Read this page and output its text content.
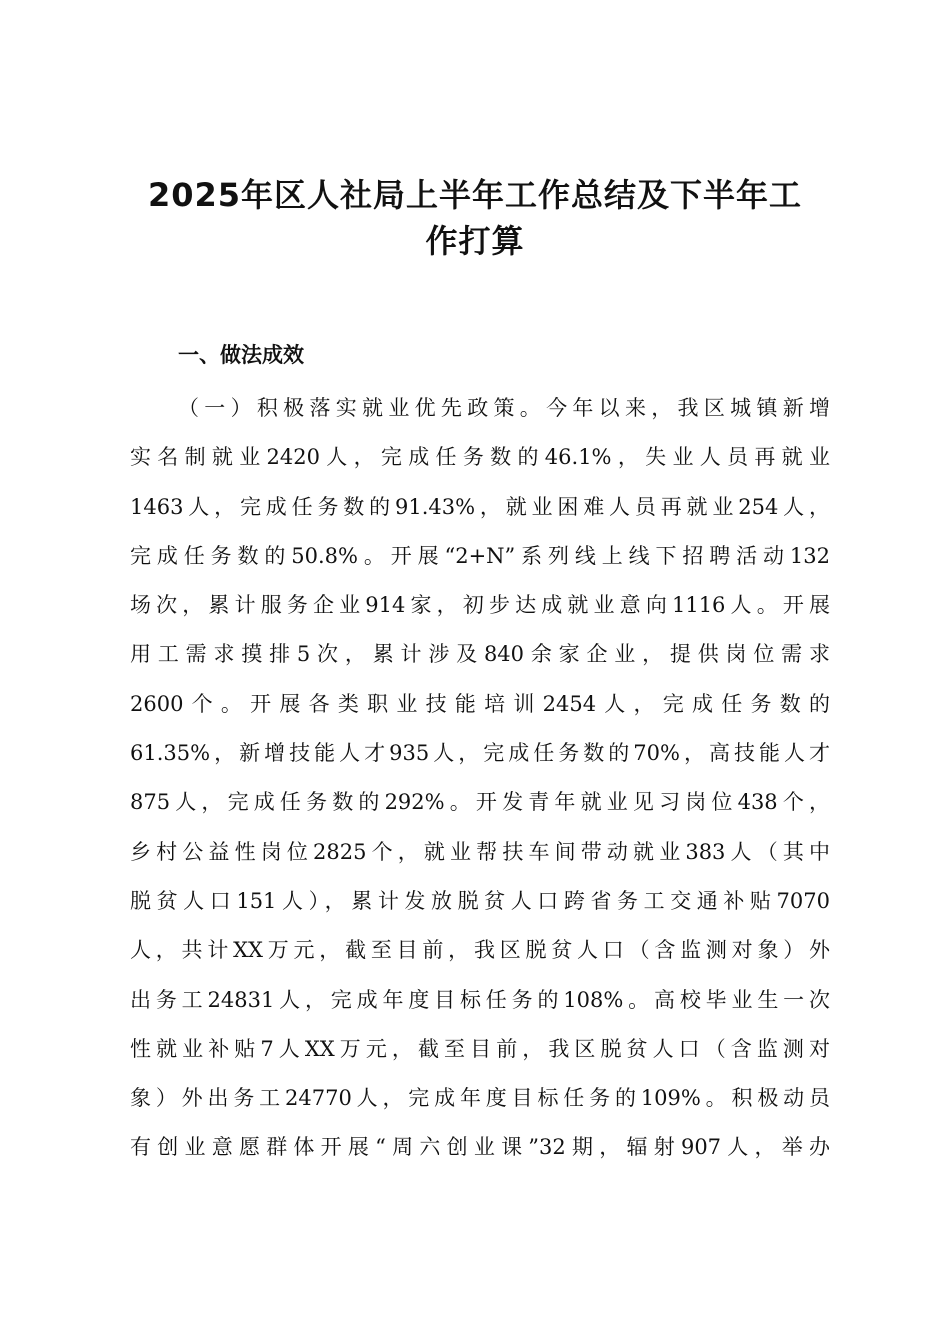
2025年区人社局上半年工作总结及下半年工
作打算
一、做法成效
（一）积极落实就业优先政策。今年以来，我区城镇新增
实名制就业2420人，完成任务数的46.1%，失业人员再就业
1463人，完成任务数的91.43%，就业困难人员再就业254人，
完成任务数的50.8%。开展“2+N”系列线上线下招聘活动132
场次，累计服务企业914家，初步达成就业意向1116人。开展
用工需求摸排5次，累计涉及840余家企业，提供岗位需求
2600个。开展各类职业技能培训2454人，完成任务数的
61.35%，新增技能人才935人，完成任务数的70%，高技能人才
875人，完成任务数的292%。开发青年就业见习岗位438个，
乡村公益性岗位2825个，就业帮扶车间带动就业383人（其中
脱贫人口151人），累计发放脱贫人口跨省务工交通补贴7070
人，共计XX万元，截至目前，我区脱贫人口（含监测对象）外
出务工24831人，完成年度目标任务的108%。高校毕业生一次
性就业补贴7人XX万元，截至目前，我区脱贫人口（含监测对
象）外出务工24770人，完成年度目标任务的109%。积极动员
有创业意愿群体开展“周六创业课”32期，辐射907人，举办
